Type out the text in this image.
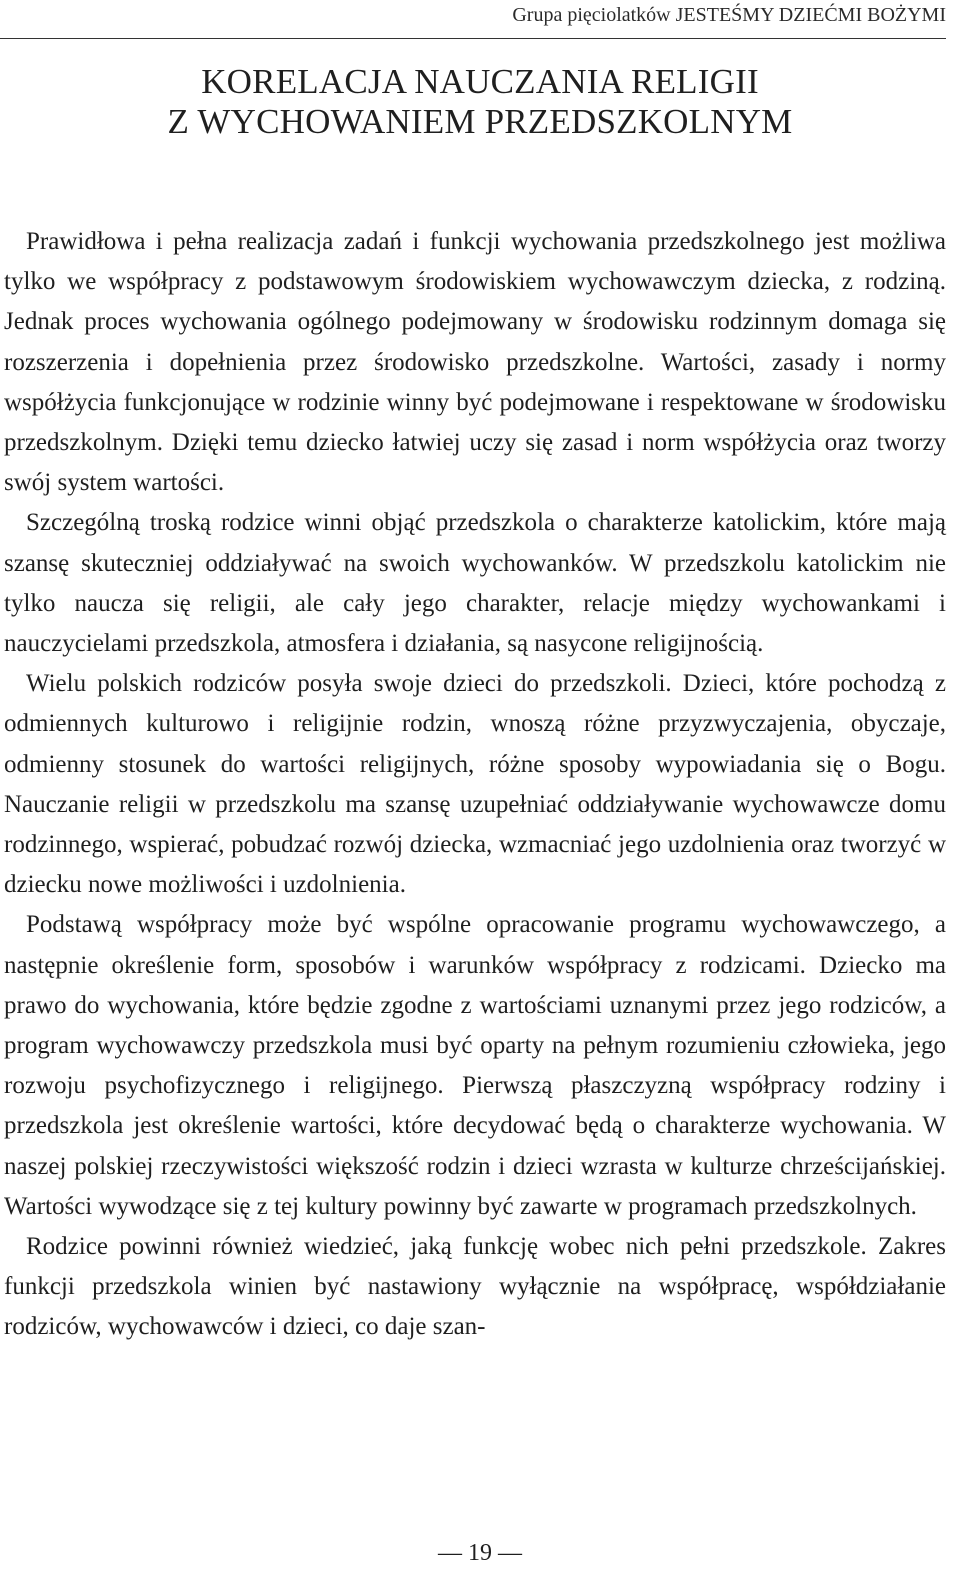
Grupa pięciolatków JESTEŚMY DZIEĆMI BOŻYMI
KORELACJA NAUCZANIA RELIGII
Z WYCHOWANIEM PRZEDSZKOLNYM

Prawidłowa i pełna realizacja zadań i funkcji wychowania przedszkolnego jest możliwa tylko we współpracy z podstawowym środowiskiem wychowawczym dziecka, z rodziną. Jednak proces wychowania ogólnego podejmowany w środowisku rodzinnym domaga się rozszerzenia i dopełnienia przez środowisko przedszkolne. Wartości, zasady i normy współżycia funkcjonujące w rodzinie winny być podejmowane i respektowane w środowisku przedszkolnym. Dzięki temu dziecko łatwiej uczy się zasad i norm współżycia oraz tworzy swój system wartości.

Szczególną troską rodzice winni objąć przedszkola o charakterze katolickim, które mają szansę skuteczniej oddziaływać na swoich wychowanków. W przedszkolu katolickim nie tylko naucza się religii, ale cały jego charakter, relacje między wychowankami i nauczycielami przedszkola, atmosfera i działania, są nasycone religijnością.

Wielu polskich rodziców posyła swoje dzieci do przedszkoli. Dzieci, które pochodzą z odmiennych kulturowo i religijnie rodzin, wnoszą różne przyzwyczajenia, obyczaje, odmienny stosunek do wartości religijnych, różne sposoby wypowiadania się o Bogu. Nauczanie religii w przedszkolu ma szansę uzupełniać oddziaływanie wychowawcze domu rodzinnego, wspierać, pobudzać rozwój dziecka, wzmacniać jego uzdolnienia oraz tworzyć w dziecku nowe możliwości i uzdolnienia.

Podstawą współpracy może być wspólne opracowanie programu wychowawczego, a następnie określenie form, sposobów i warunków współpracy z rodzicami. Dziecko ma prawo do wychowania, które będzie zgodne z wartościami uznanymi przez jego rodziców, a program wychowawczy przedszkola musi być oparty na pełnym rozumieniu człowieka, jego rozwoju psychofizycznego i religijnego. Pierwszą płaszczyzną współpracy rodziny i przedszkola jest określenie wartości, które decydować będą o charakterze wychowania. W naszej polskiej rzeczywistości większość rodzin i dzieci wzrasta w kulturze chrześcijańskiej. Wartości wywodzące się z tej kultury powinny być zawarte w programach przedszkolnych.

Rodzice powinni również wiedzieć, jaką funkcję wobec nich pełni przedszkole. Zakres funkcji przedszkola winien być nastawiony wyłącznie na współpracę, współdziałanie rodziców, wychowawców i dzieci, co daje szan-

— 19 —
